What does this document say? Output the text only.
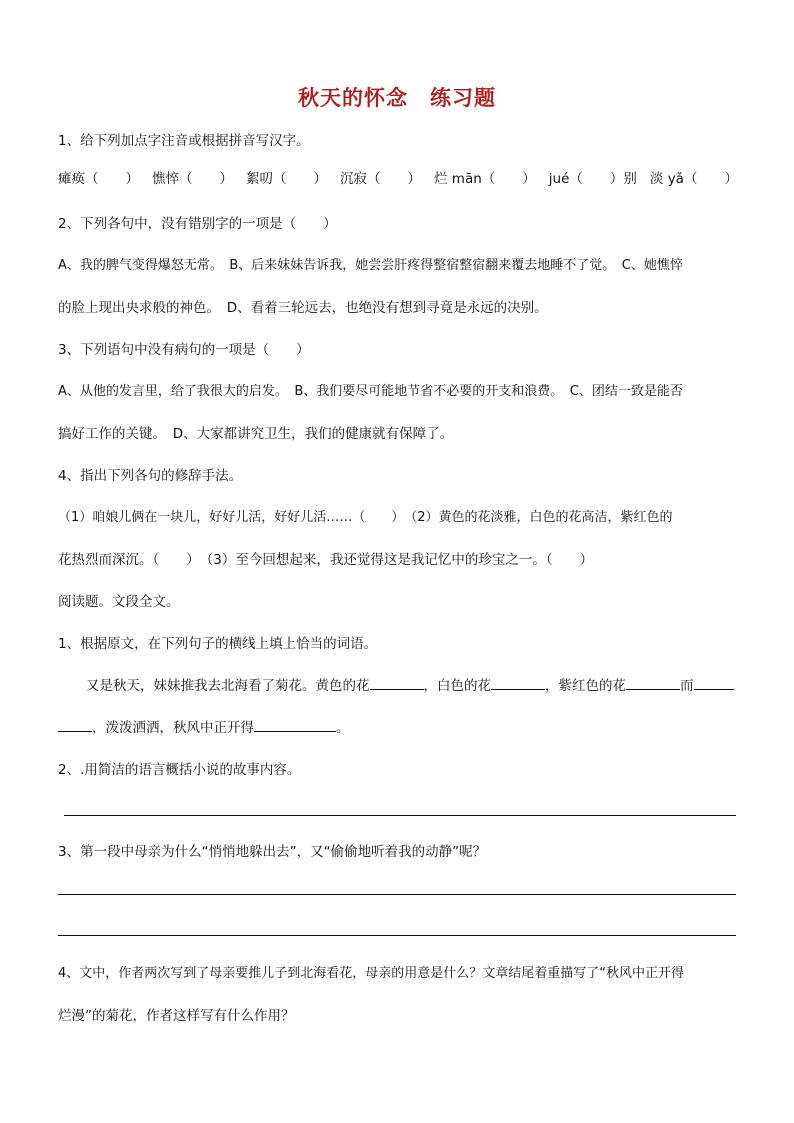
秋天的怀念　练习题
1、给下列加点字注音或根据拼音写汉字。
瘫痪（　　） 憔悴（　　） 絮叨（　　） 沉寂（　　） 烂 mān（　　） jué（　　）别 淡 yǎ（　　）
2、下列各句中，没有错别字的一项是（　　）
A、我的脾气变得爆怒无常。　B、后来妹妹告诉我，她尝尝肝疼得整宿整宿翻来覆去地睡不了觉。　C、她憔悴
的脸上现出央求般的神色。　D、看着三轮远去，也绝没有想到寻竟是永远的决别。
3、下列语句中没有病句的一项是（　　）
A、从他的发言里，给了我很大的启发。　B、我们要尽可能地节省不必要的开支和浪费。　C、团结一致是能否
搞好工作的关键。　D、大家都讲究卫生，我们的健康就有保障了。
4、指出下列各句的修辞手法。
（1）咱娘儿俩在一块儿，好好儿活，好好儿活……（　　）　（2）黄色的花淡雅，白色的花高洁，紫红色的
花热烈而深沉。（　　）　（3）至今回想起来，我还觉得这是我记忆中的珍宝之一。（　　）
阅读题。文段全文。
1、根据原文，在下列句子的横线上填上恰当的词语。
又是秋天，妹妹推我去北海看了菊花。黄色的花	，白色的花	，紫红色的花	而
，泼泼洒洒，秋风中正开得	。
2、.用简洁的语言概括小说的故事内容。
3、第一段中母亲为什么“悄悄地躲出去”，又“偷偷地听着我的动静”呢？
4、文中，作者两次写到了母亲要推儿子到北海看花，母亲的用意是什么？文章结尾着重描写了“秋风中正开得
烂漫”的菊花，作者这样写有什么作用？
